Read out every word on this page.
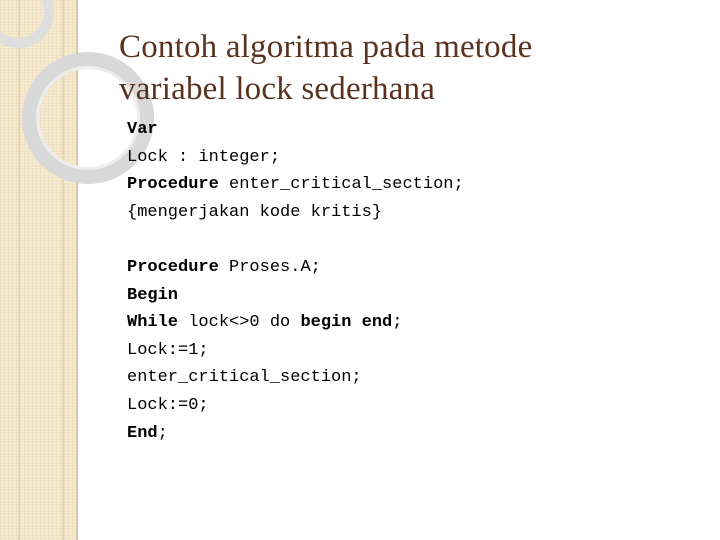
Contoh algoritma pada metode
variabel lock sederhana
Var
Lock : integer;
Procedure enter_critical_section;
{mengerjakan kode kritis}
Procedure Proses.A;
Begin
While lock<>0 do begin end;
Lock:=1;
enter_critical_section;
Lock:=0;
End;
